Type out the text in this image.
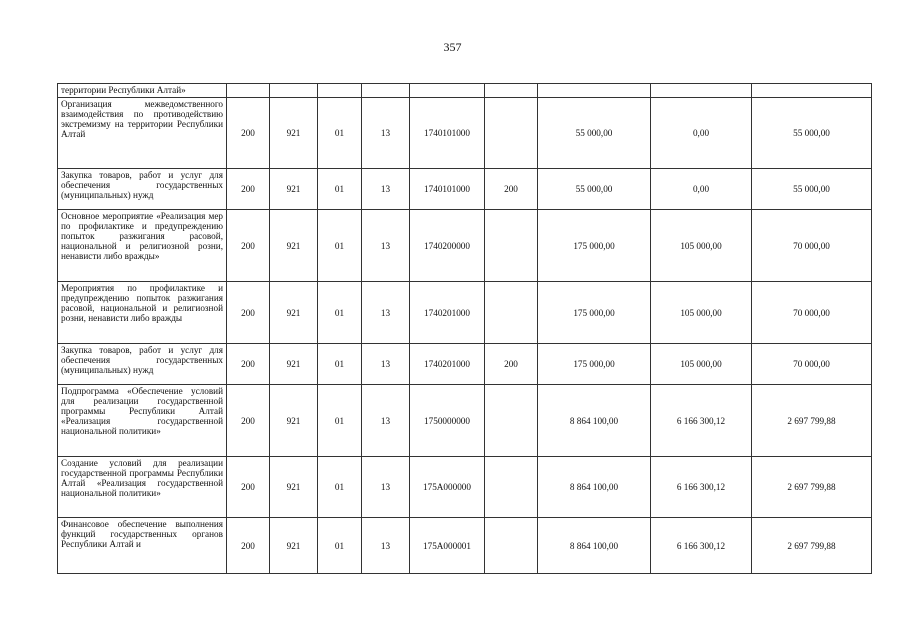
357
территории Республики Алтай»									
Организация межведомственного взаимодействия по противодействию экстремизму на территории Республики Алтай	200	921	01	13	1740101000		55 000,00	0,00	55 000,00
Закупка товаров, работ и услуг для обеспечения государственных (муниципальных) нужд	200	921	01	13	1740101000	200	55 000,00	0,00	55 000,00
Основное мероприятие «Реализация мер по профилактике и предупреждению попыток разжигания расовой, национальной и религиозной розни, ненависти либо вражды»	200	921	01	13	1740200000		175 000,00	105 000,00	70 000,00
Мероприятия по профилактике и предупреждению попыток разжигания расовой, национальной и религиозной розни, ненависти либо вражды	200	921	01	13	1740201000		175 000,00	105 000,00	70 000,00
Закупка товаров, работ и услуг для обеспечения государственных (муниципальных) нужд	200	921	01	13	1740201000	200	175 000,00	105 000,00	70 000,00
Подпрограмма «Обеспечение условий для реализации государственной программы Республики Алтай «Реализация государственной национальной политики»	200	921	01	13	1750000000		8 864 100,00	6 166 300,12	2 697 799,88
Создание условий для реализации государственной программы Республики Алтай «Реализация государственной национальной политики»	200	921	01	13	175А000000		8 864 100,00	6 166 300,12	2 697 799,88
Финансовое обеспечение выполнения функций государственных органов Республики Алтай и	200	921	01	13	175А000001		8 864 100,00	6 166 300,12	2 697 799,88
